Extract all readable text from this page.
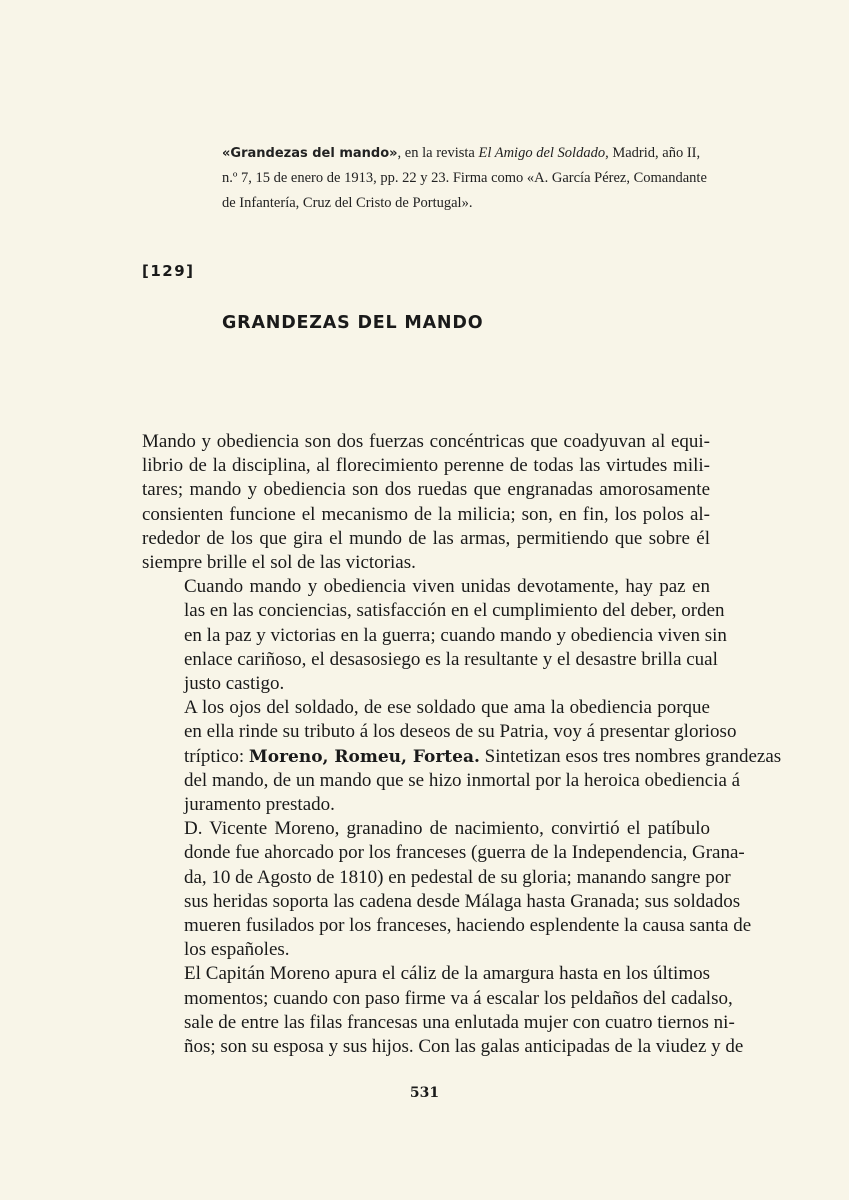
«Grandezas del mando», en la revista El Amigo del Soldado, Madrid, año II, n.º 7, 15 de enero de 1913, pp. 22 y 23. Firma como «A. García Pérez, Comandante de Infantería, Cruz del Cristo de Portugal».
[129]
GRANDEZAS DEL MANDO

Mando y obediencia son dos fuerzas concéntricas que coadyuvan al equi-
librio de la disciplina, al florecimiento perenne de todas las virtudes mili-
tares; mando y obediencia son dos ruedas que engranadas amorosamente
consienten funcione el mecanismo de la milicia; son, en fin, los polos al-
rededor de los que gira el mundo de las armas, permitiendo que sobre él
siempre brille el sol de las victorias.

Cuando mando y obediencia viven unidas devotamente, hay paz en
las en las conciencias, satisfacción en el cumplimiento del deber, orden
en la paz y victorias en la guerra; cuando mando y obediencia viven sin
enlace cariñoso, el desasosiego es la resultante y el desastre brilla cual
justo castigo.

A los ojos del soldado, de ese soldado que ama la obediencia porque
en ella rinde su tributo á los deseos de su Patria, voy á presentar glorioso
tríptico: Moreno, Romeu, Fortea. Sintetizan esos tres nombres grandezas
del mando, de un mando que se hizo inmortal por la heroica obediencia á
juramento prestado.

D. Vicente Moreno, granadino de nacimiento, convirtió el patíbulo
donde fue ahorcado por los franceses (guerra de la Independencia, Grana-
da, 10 de Agosto de 1810) en pedestal de su gloria; manando sangre por
sus heridas soporta las cadena desde Málaga hasta Granada; sus soldados
mueren fusilados por los franceses, haciendo esplendente la causa santa de
los españoles.

El Capitán Moreno apura el cáliz de la amargura hasta en los últimos
momentos; cuando con paso firme va á escalar los peldaños del cadalso,
sale de entre las filas francesas una enlutada mujer con cuatro tiernos ni-
ños; son su esposa y sus hijos. Con las galas anticipadas de la viudez y de

531
